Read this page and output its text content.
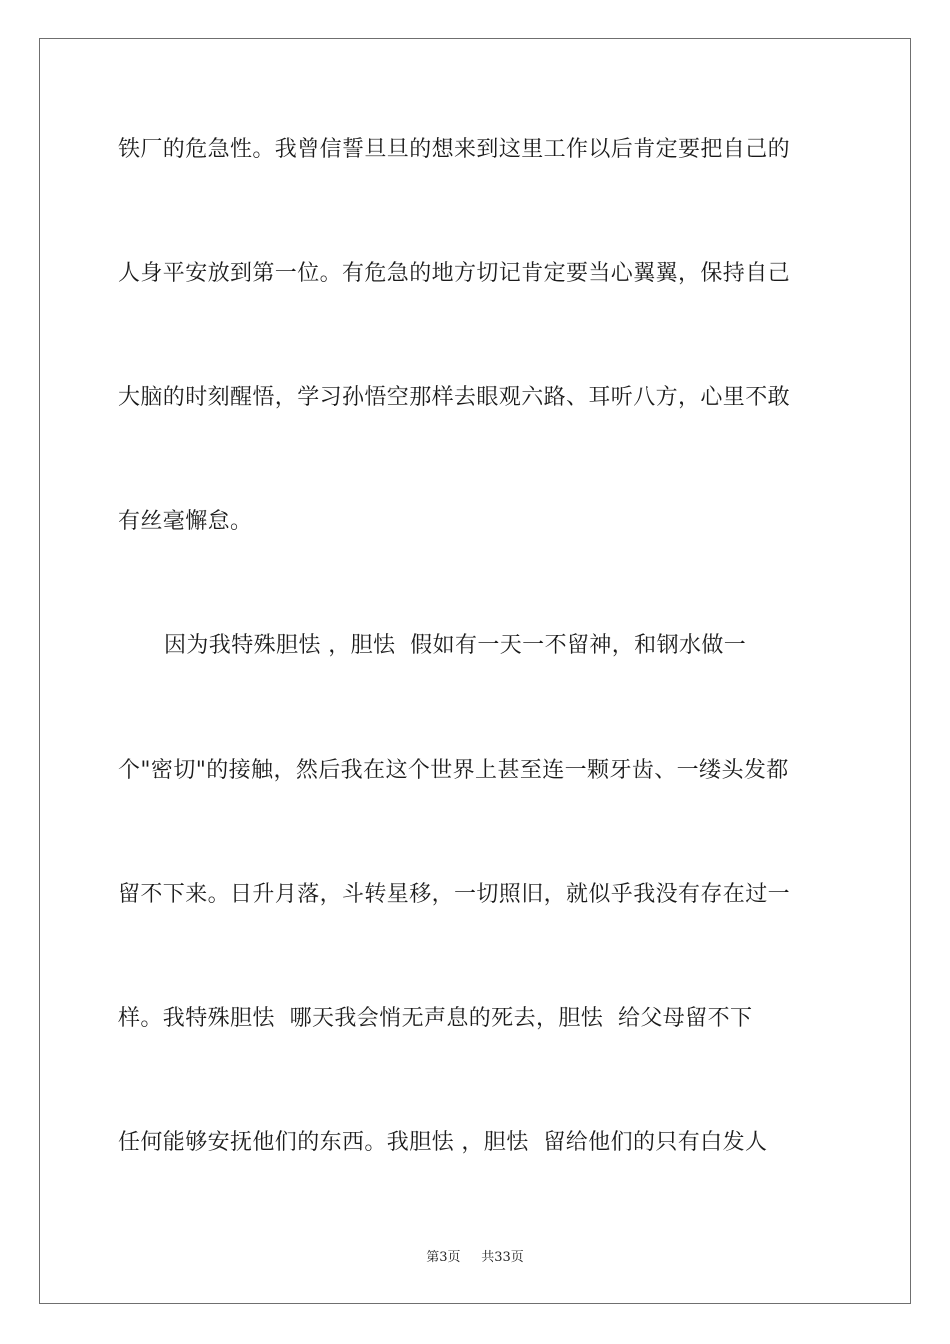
铁厂的危急性。我曾信誓旦旦的想来到这里工作以后肯定要把自己的
人身平安放到第一位。有危急的地方切记肯定要当心翼翼，保持自己
大脑的时刻醒悟，学习孙悟空那样去眼观六路、耳听八方，心里不敢
有丝毫懈怠。
因为我特殊胆怯 ，胆怯  假如有一天一不留神，和钢水做一
个"密切"的接触，然后我在这个世界上甚至连一颗牙齿、一缕头发都
留不下来。日升月落，斗转星移，一切照旧，就似乎我没有存在过一
样。我特殊胆怯  哪天我会悄无声息的死去，胆怯  给父母留不下
任何能够安抚他们的东西。我胆怯 ，胆怯  留给他们的只有白发人
第3页 共33页
